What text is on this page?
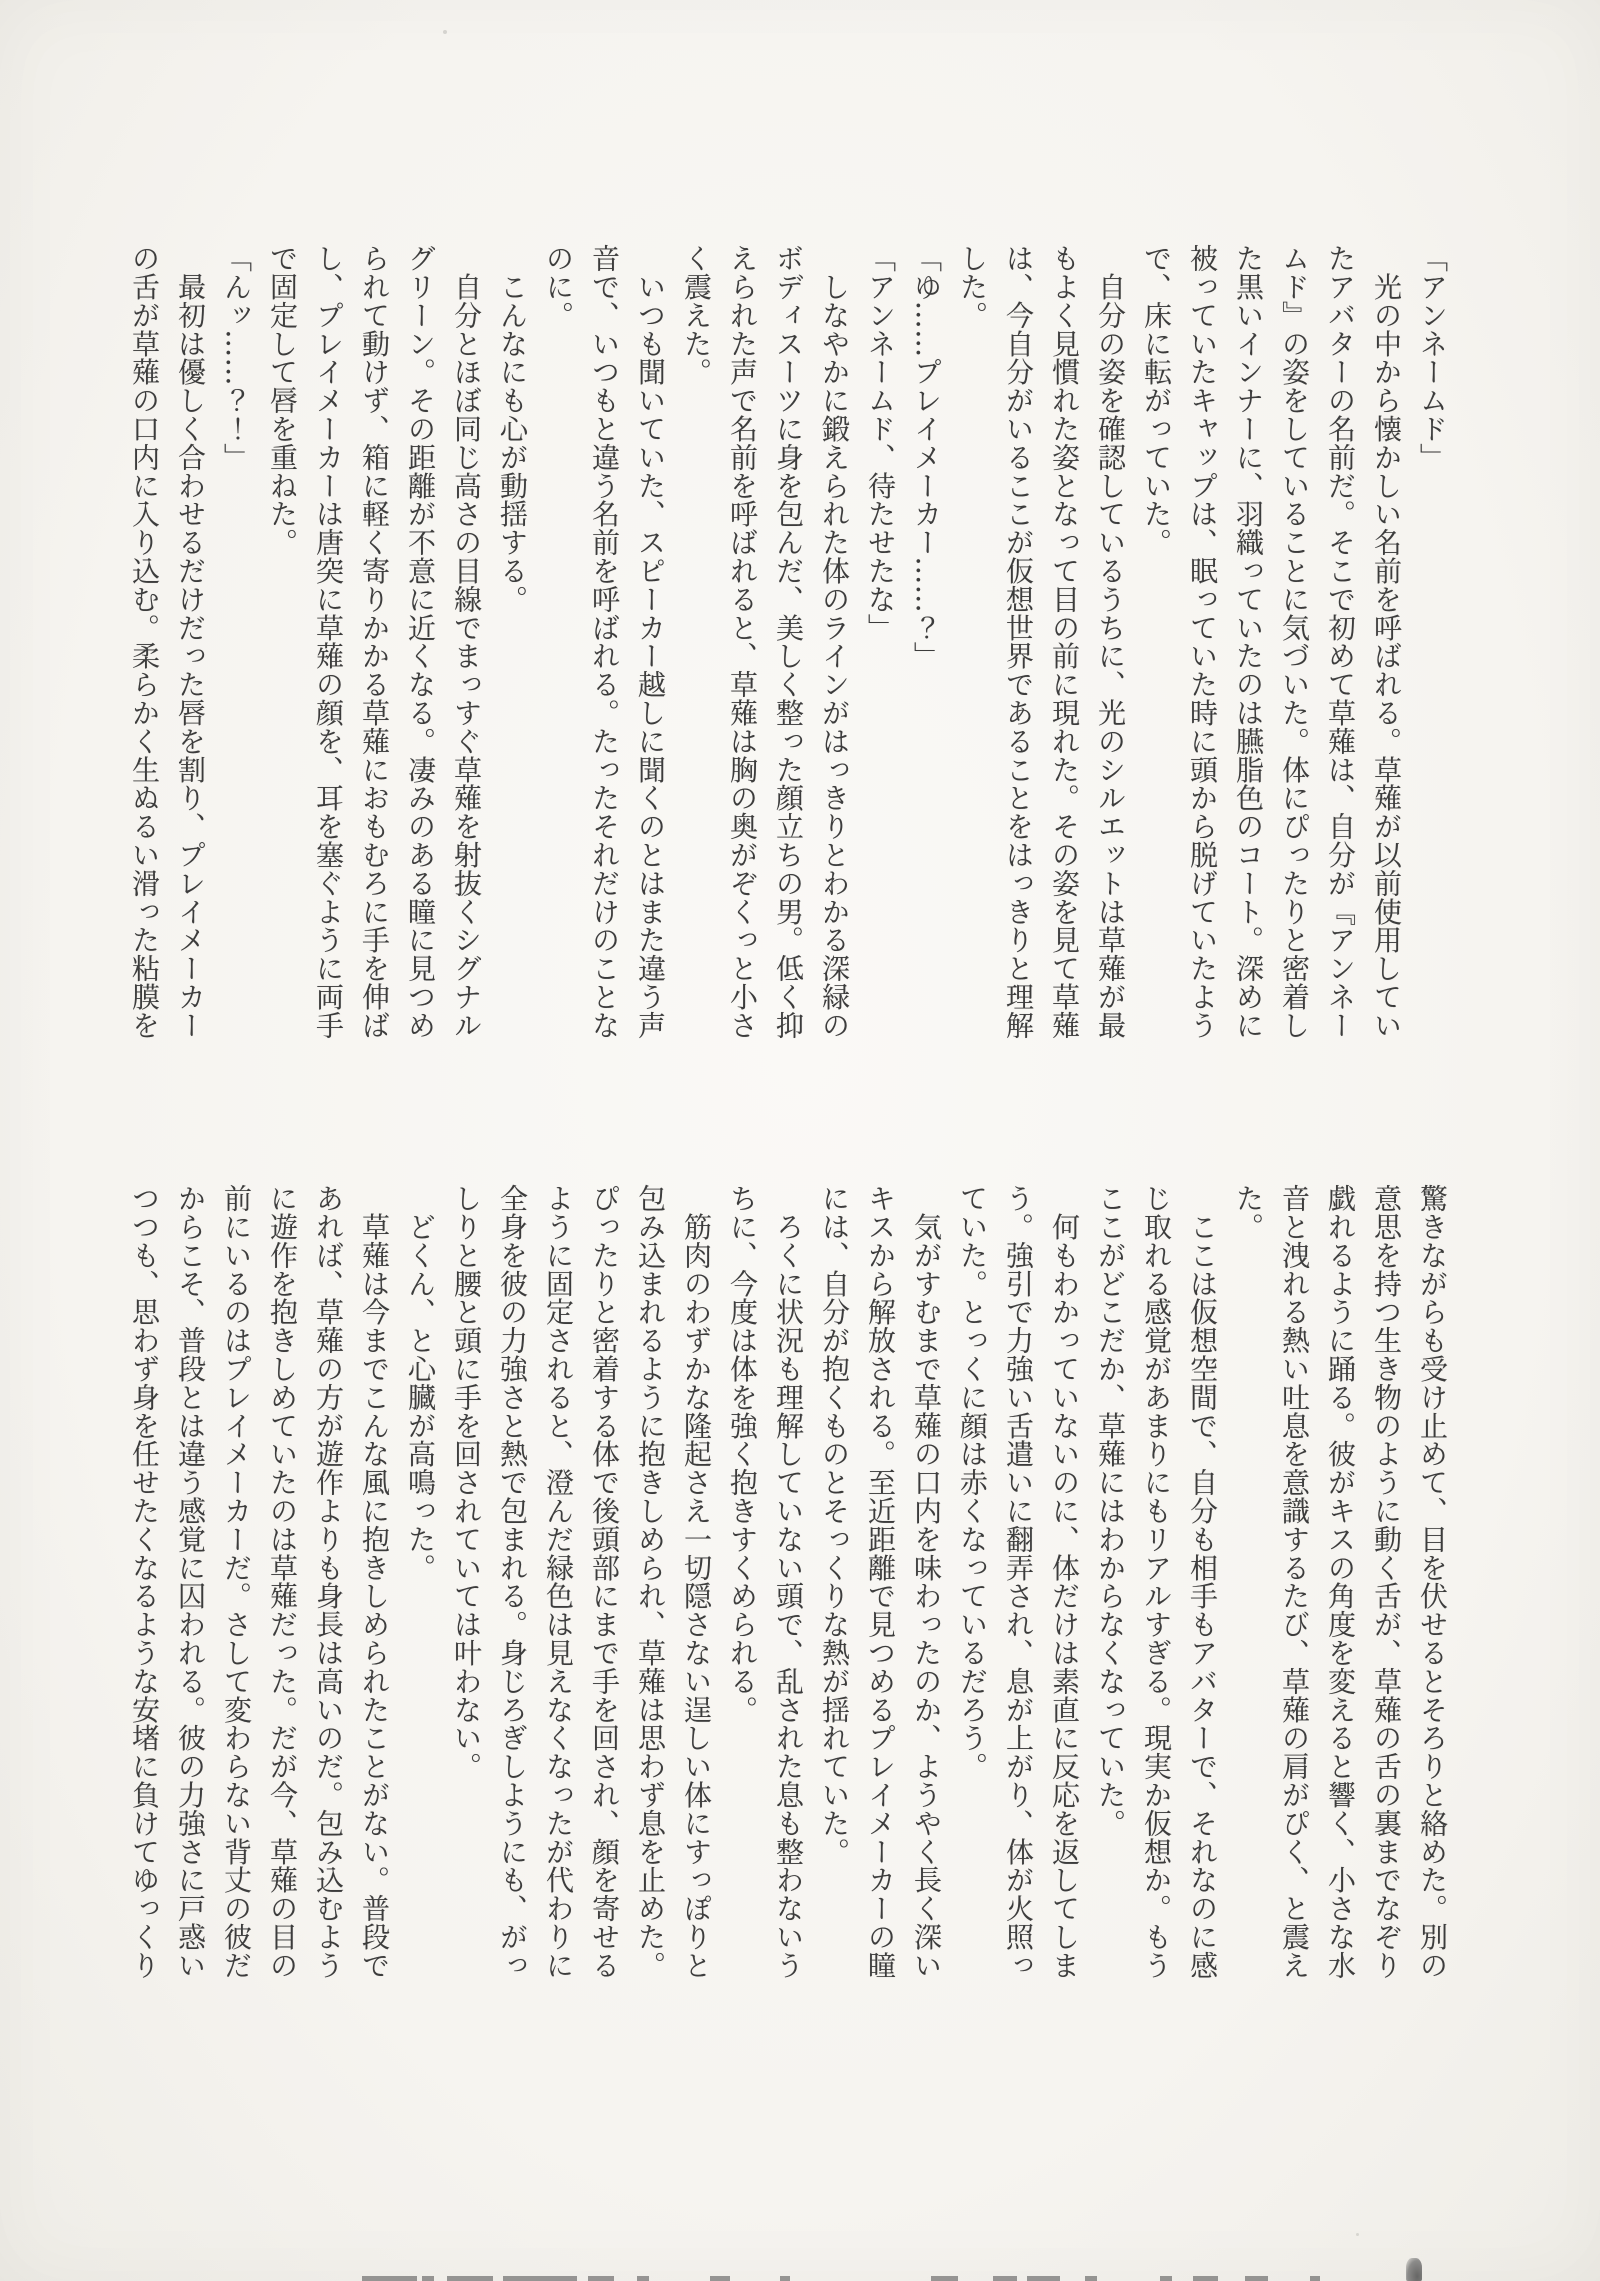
「アンネームド」
　光の中から懐かしい名前を呼ばれる。草薙が以前使用してい
たアバターの名前だ。そこで初めて草薙は、自分が『アンネー
ムド』の姿をしていることに気づいた。体にぴったりと密着し
た黒いインナーに、羽織っていたのは臙脂色のコート。深めに
被っていたキャップは、眠っていた時に頭から脱げていたよう
で、床に転がっていた。
　自分の姿を確認しているうちに、光のシルエットは草薙が最
もよく見慣れた姿となって目の前に現れた。その姿を見て草薙
は、今自分がいるここが仮想世界であることをはっきりと理解
した。
「ゆ……プレイメーカー……？」
「アンネームド、待たせたな」
　しなやかに鍛えられた体のラインがはっきりとわかる深緑の
ボディスーツに身を包んだ、美しく整った顔立ちの男。低く抑
えられた声で名前を呼ばれると、草薙は胸の奥がぞくっと小さ
く震えた。
　いつも聞いていた、スピーカー越しに聞くのとはまた違う声
音で、いつもと違う名前を呼ばれる。たったそれだけのことな
のに。
　こんなにも心が動揺する。
　自分とほぼ同じ高さの目線でまっすぐ草薙を射抜くシグナル
グリーン。その距離が不意に近くなる。凄みのある瞳に見つめ
られて動けず、箱に軽く寄りかかる草薙におもむろに手を伸ば
し、プレイメーカーは唐突に草薙の顔を、耳を塞ぐように両手
で固定して唇を重ねた。
「んッ……？！」
　最初は優しく合わせるだけだった唇を割り、プレイメーカー
の舌が草薙の口内に入り込む。柔らかく生ぬるい滑った粘膜を
驚きながらも受け止めて、目を伏せるとそろりと絡めた。別の
意思を持つ生き物のように動く舌が、草薙の舌の裏までなぞり
戯れるように踊る。彼がキスの角度を変えると響く、小さな水
音と洩れる熱い吐息を意識するたび、草薙の肩がぴく、と震え
た。
　ここは仮想空間で、自分も相手もアバターで、それなのに感
じ取れる感覚があまりにもリアルすぎる。現実か仮想か。もう
ここがどこだか、草薙にはわからなくなっていた。
　何もわかっていないのに、体だけは素直に反応を返してしま
う。強引で力強い舌遣いに翻弄され、息が上がり、体が火照っ
ていた。とっくに顔は赤くなっているだろう。
　気がすむまで草薙の口内を味わったのか、ようやく長く深い
キスから解放される。至近距離で見つめるプレイメーカーの瞳
には、自分が抱くものとそっくりな熱が揺れていた。
　ろくに状況も理解していない頭で、乱された息も整わないう
ちに、今度は体を強く抱きすくめられる。
　筋肉のわずかな隆起さえ一切隠さない逞しい体にすっぽりと
包み込まれるように抱きしめられ、草薙は思わず息を止めた。
ぴったりと密着する体で後頭部にまで手を回され、顔を寄せる
ように固定されると、澄んだ緑色は見えなくなったが代わりに
全身を彼の力強さと熱で包まれる。身じろぎしようにも、がっ
しりと腰と頭に手を回されていては叶わない。
　どくん、と心臓が高鳴った。
　草薙は今までこんな風に抱きしめられたことがない。普段で
あれば、草薙の方が遊作よりも身長は高いのだ。包み込むよう
に遊作を抱きしめていたのは草薙だった。だが今、草薙の目の
前にいるのはプレイメーカーだ。さして変わらない背丈の彼だ
からこそ、普段とは違う感覚に囚われる。彼の力強さに戸惑い
つつも、思わず身を任せたくなるような安堵に負けてゆっくり
